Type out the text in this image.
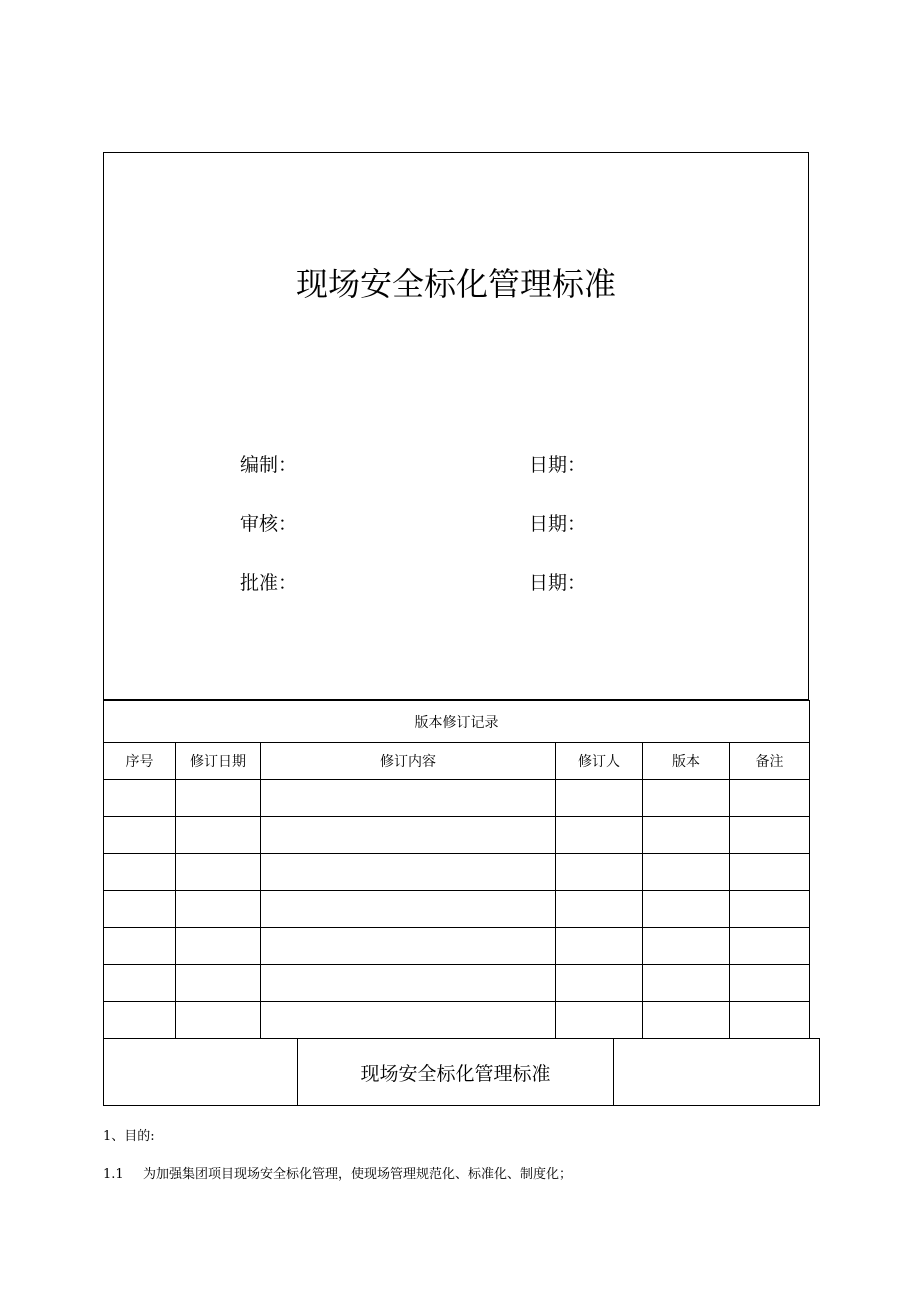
现场安全标化管理标准
编制：	日期：
审核：	日期：
批准：	日期：
版本修订记录					
序号	修订日期	修订内容	修订人	版本	备注

	现场安全标化管理标准	
1、目的:
1.1 为加强集团项目现场安全标化管理，使现场管理规范化、标准化、制度化；
